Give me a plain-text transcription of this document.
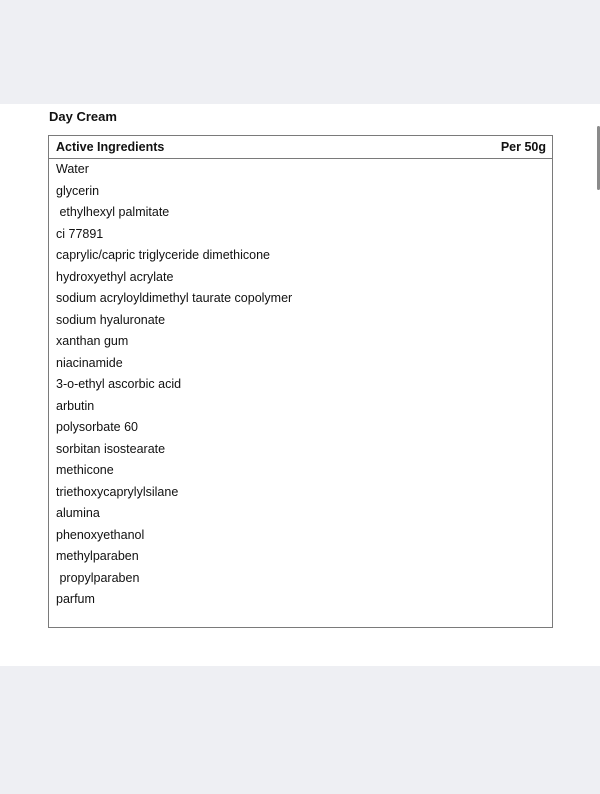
Day Cream
Active Ingredients	Per 50g
Water
glycerin
ethylhexyl palmitate
ci 77891
caprylic/capric triglyceride dimethicone
hydroxyethyl acrylate
sodium acryloyldimethyl taurate copolymer
sodium hyaluronate
xanthan gum
niacinamide
3-o-ethyl ascorbic acid
arbutin
polysorbate 60
sorbitan isostearate
methicone
triethoxycaprylylsilane
alumina
phenoxyethanol
methylparaben
propylparaben
parfum
